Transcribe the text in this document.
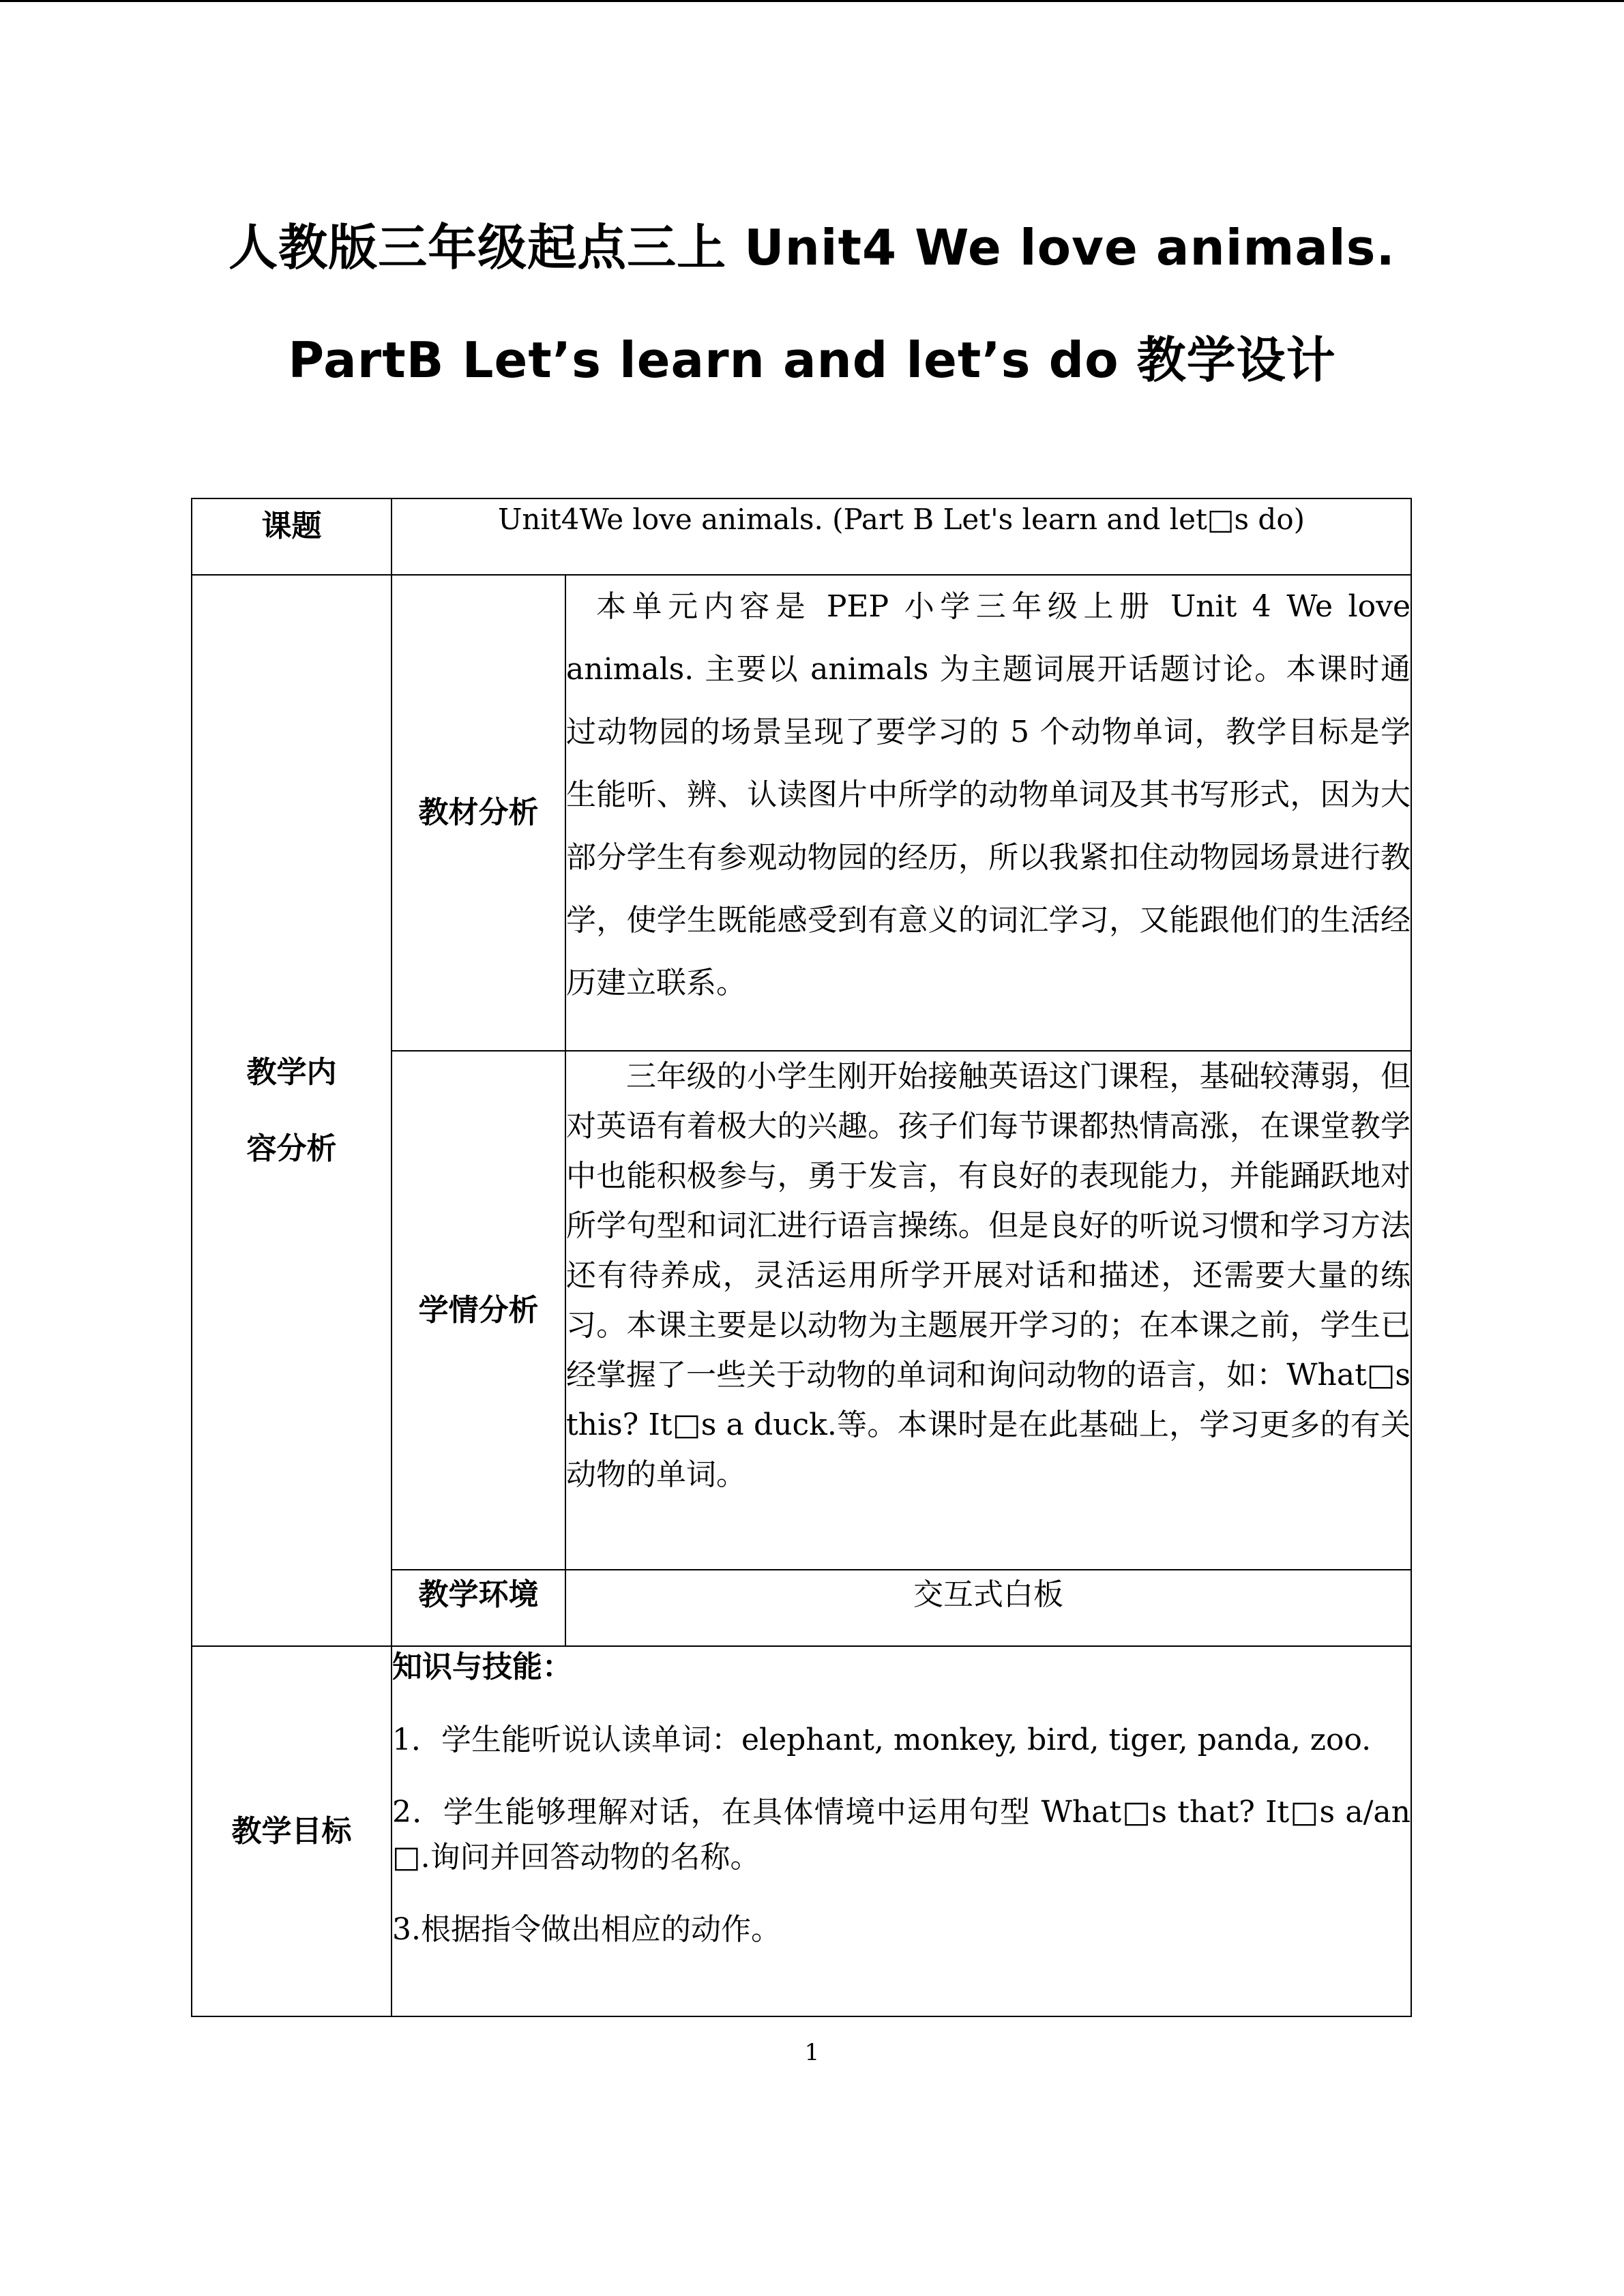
人教版三年级起点三上 Unit4 We love animals.
PartB Let’s learn and let’s do 教学设计
课题	Unit4We love animals. (Part B Let's learn and let□s do)	

教学内
容分析	教材分析	本单元内容是 PEP 小学三年级上册 Unit 4 We love animals. 主要以 animals 为主题词展开话题讨论。本课时通过动物园的场景呈现了要学习的 5 个动物单词，教学目标是学生能听、辨、认读图片中所学的动物单词及其书写形式，因为大部分学生有参观动物园的经历，所以我紧扣住动物园场景进行教学，使学生既能感受到有意义的词汇学习，又能跟他们的生活经历建立联系。
	学情分析	三年级的小学生刚开始接触英语这门课程，基础较薄弱，但对英语有着极大的兴趣。孩子们每节课都热情高涨，在课堂教学中也能积极参与，勇于发言，有良好的表现能力，并能踊跃地对所学句型和词汇进行语言操练。但是良好的听说习惯和学习方法还有待养成，灵活运用所学开展对话和描述，还需要大量的练习。本课主要是以动物为主题展开学习的；在本课之前，学生已经掌握了一些关于动物的单词和询问动物的语言，如：What□s this? It□s a duck.等。本课时是在此基础上，学习更多的有关动物的单词。
	教学环境	交互式白板
教学目标	知识与技能：
1．学生能听说认读单词：elephant, monkey, bird, tiger, panda, zoo.
2．学生能够理解对话，在具体情境中运用句型 What□s that? It□s a/an □.询问并回答动物的名称。
3.根据指令做出相应的动作。	
1
